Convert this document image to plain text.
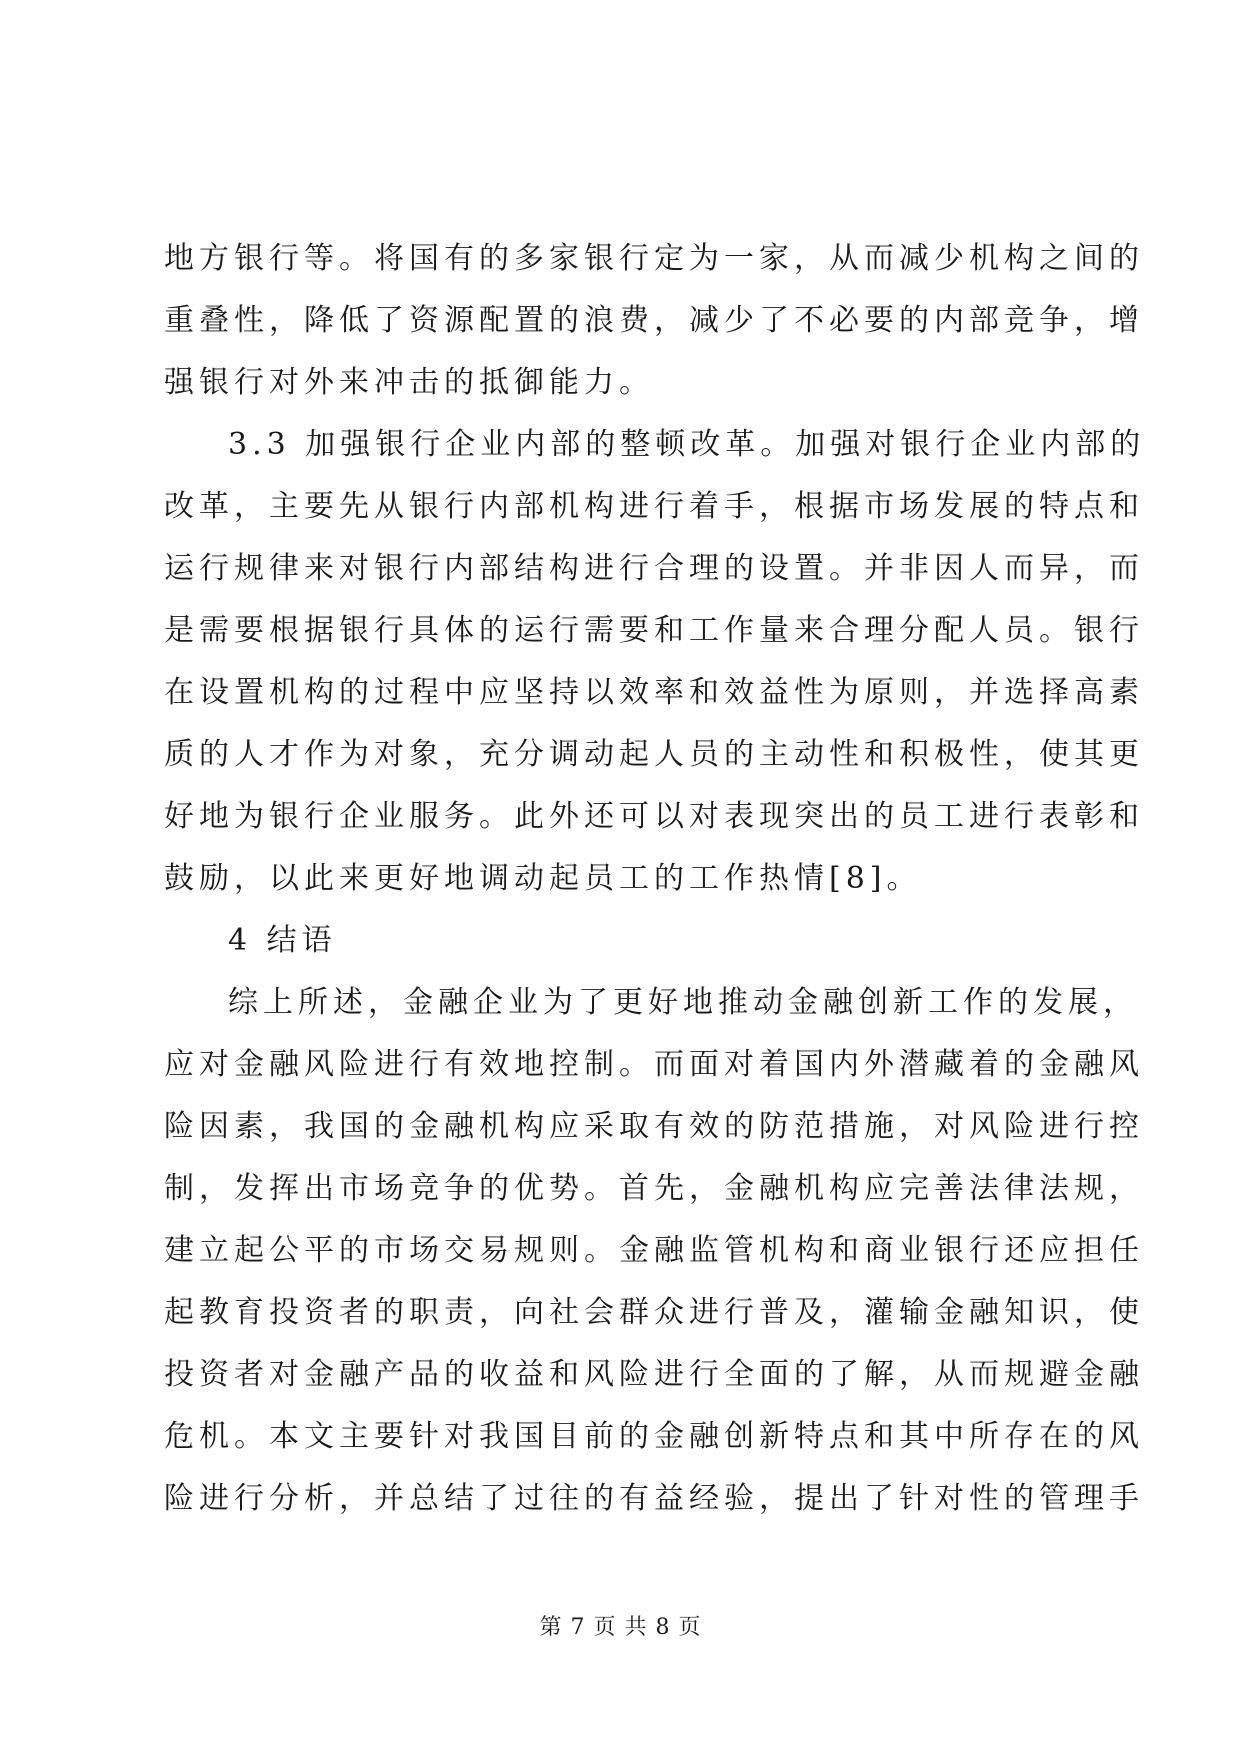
地方银行等。将国有的多家银行定为一家，从而减少机构之间的
重叠性，降低了资源配置的浪费，减少了不必要的内部竞争，增
强银行对外来冲击的抵御能力。
3.3 加强银行企业内部的整顿改革。加强对银行企业内部的
改革，主要先从银行内部机构进行着手，根据市场发展的特点和
运行规律来对银行内部结构进行合理的设置。并非因人而异，而
是需要根据银行具体的运行需要和工作量来合理分配人员。银行
在设置机构的过程中应坚持以效率和效益性为原则，并选择高素
质的人才作为对象，充分调动起人员的主动性和积极性，使其更
好地为银行企业服务。此外还可以对表现突出的员工进行表彰和
鼓励，以此来更好地调动起员工的工作热情[8]。
4 结语
综上所述，金融企业为了更好地推动金融创新工作的发展，
应对金融风险进行有效地控制。而面对着国内外潜藏着的金融风
险因素，我国的金融机构应采取有效的防范措施，对风险进行控
制，发挥出市场竞争的优势。首先，金融机构应完善法律法规，
建立起公平的市场交易规则。金融监管机构和商业银行还应担任
起教育投资者的职责，向社会群众进行普及，灌输金融知识，使
投资者对金融产品的收益和风险进行全面的了解，从而规避金融
危机。本文主要针对我国目前的金融创新特点和其中所存在的风
险进行分析，并总结了过往的有益经验，提出了针对性的管理手
第 7 页 共 8 页
